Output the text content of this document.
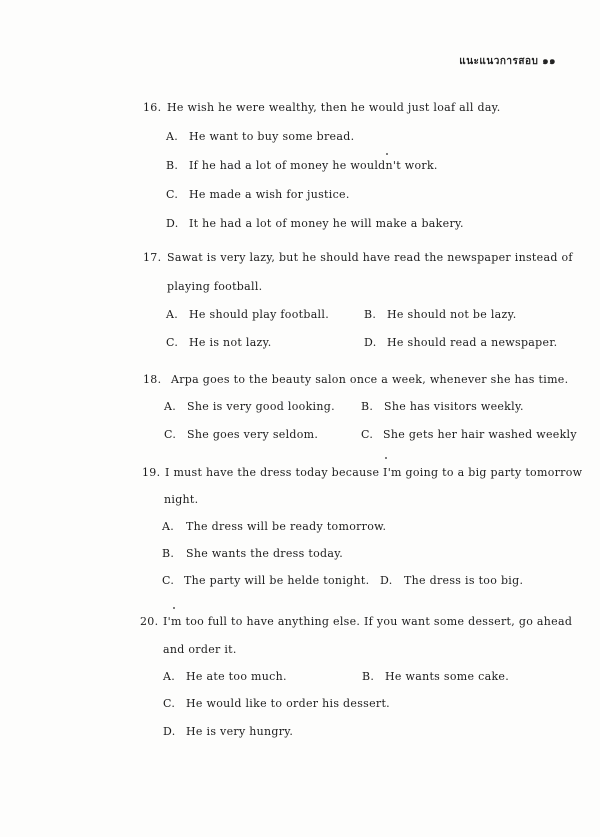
แนะแนวการสอบ ๑๑
16. He wish he were wealthy, then he would just loaf all day.
A. He want to buy some bread.
B. If he had a lot of money he wouldn't work.
C. He made a wish for justice.
D. It he had a lot of money he will make a bakery.
17. Sawat is very lazy, but he should have read the newspaper instead of
playing football.
A. He should play football.	B. He should not be lazy.
C. He is not lazy.	D. He should read a newspaper.
18. Arpa goes to the beauty salon once a week, whenever she has time.
A. She is very good looking. B. She has visitors weekly.
C. She goes very seldom.	C. She gets her hair washed weekly
19. I must have the dress today because I'm going to a big party tomorrow
night.
A. The dress will be ready tomorrow.
B. She wants the dress today.
C. The party will be helde tonight. D. The dress is too big.
20. I'm too full to have anything else. If you want some dessert, go ahead
and order it.
A. He ate too much.	B. He wants some cake.
C. He would like to order his dessert.
D. He is very hungry.
